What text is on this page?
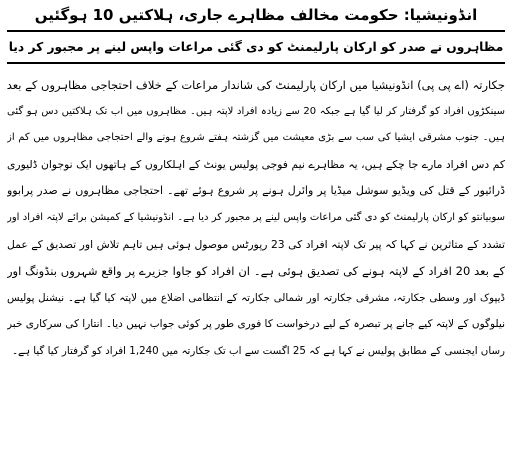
انڈونیشیا: حکومت مخالف مظاہرے جاری، ہلاکتیں 10 ہوگئیں
مظاہروں نے صدر کو ارکان پارلیمنٹ کو دی گئی مراعات واپس لینے پر مجبور کر دیا
جکارتہ (اے پی پی) انڈونیشیا میں ارکان پارلیمنٹ کی شاندار مراعات کے خلاف احتجاجی مظاہروں کے بعد
سینکڑوں افراد کو گرفتار کر لیا گیا ہے جبکہ 20 سے زیادہ افراد لاپتہ ہیں۔ مظاہروں میں اب تک ہلاکتیں دس ہو گئی
ہیں۔ جنوب مشرقی ایشیا کی سب سے بڑی معیشت میں گزشتہ ہفتے شروع ہونے والے احتجاجی مظاہروں میں کم از
کم دس افراد مارے جا چکے ہیں، یہ مظاہرے نیم فوجی پولیس یونٹ کے اہلکاروں کے ہاتھوں ایک نوجوان ڈلیوری
ڈرائیور کے قتل کی ویڈیو سوشل میڈیا پر وائرل ہونے پر شروع ہوئے تھے۔ احتجاجی مظاہروں نے صدر پرابوو
سوبیانتو کو ارکان پارلیمنٹ کو دی گئی مراعات واپس لینے پر مجبور کر دیا ہے۔ انڈونیشیا کے کمیشن برائے لاپتہ افراد اور
تشدد کے متاثرین نے کہا کہ پیر تک لاپتہ افراد کی 23 رپورٹس موصول ہوئی ہیں تاہم تلاش اور تصدیق کے عمل
کے بعد 20 افراد کے لاپتہ ہونے کی تصدیق ہوئی ہے۔ ان افراد کو جاوا جزیرے پر واقع شہروں بنڈونگ اور
ڈیپوک اور وسطی جکارتہ، مشرقی جکارتہ اور شمالی جکارتہ کے انتظامی اضلاع میں لاپتہ کیا گیا ہے۔ نیشنل پولیس
نیلوگوں کے لاپتہ کیے جانے پر تبصرہ کے لیے درخواست کا فوری طور پر کوئی جواب نہیں دیا۔ انتارا کی سرکاری خبر
رساں ایجنسی کے مطابق پولیس نے کہا ہے کہ 25 اگست سے اب تک جکارتہ میں 1,240 افراد کو گرفتار کیا گیا ہے۔
